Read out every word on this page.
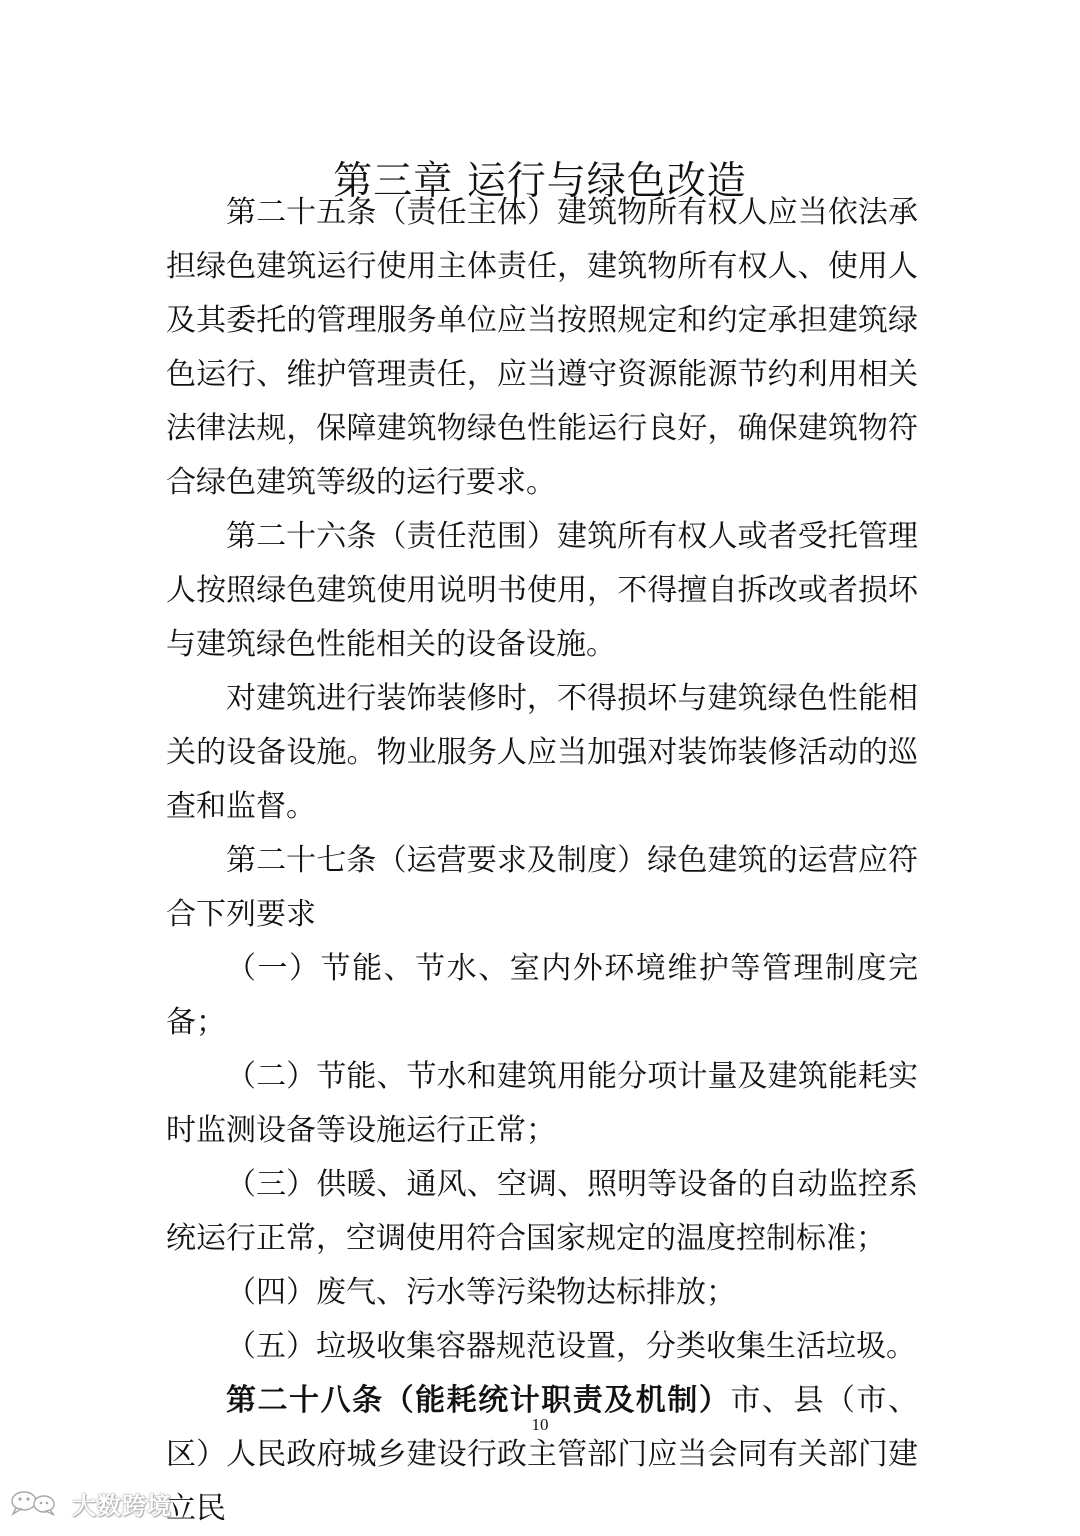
第三章 运行与绿色改造

第二十五条（责任主体）建筑物所有权人应当依法承担绿色建筑运行使用主体责任，建筑物所有权人、使用人及其委托的管理服务单位应当按照规定和约定承担建筑绿色运行、维护管理责任，应当遵守资源能源节约利用相关法律法规，保障建筑物绿色性能运行良好，确保建筑物符合绿色建筑等级的运行要求。

第二十六条（责任范围）建筑所有权人或者受托管理人按照绿色建筑使用说明书使用，不得擅自拆改或者损坏与建筑绿色性能相关的设备设施。

对建筑进行装饰装修时，不得损坏与建筑绿色性能相关的设备设施。物业服务人应当加强对装饰装修活动的巡查和监督。

第二十七条（运营要求及制度）绿色建筑的运营应符合下列要求

（一）节能、节水、室内外环境维护等管理制度完备；

（二）节能、节水和建筑用能分项计量及建筑能耗实时监测设备等设施运行正常；

（三）供暖、通风、空调、照明等设备的自动监控系统运行正常，空调使用符合国家规定的温度控制标准；

（四）废气、污水等污染物达标排放；

（五）垃圾收集容器规范设置，分类收集生活垃圾。

第二十八条（能耗统计职责及机制）市、县（市、区）人民政府城乡建设行政主管部门应当会同有关部门建立民

10
大数跨境
